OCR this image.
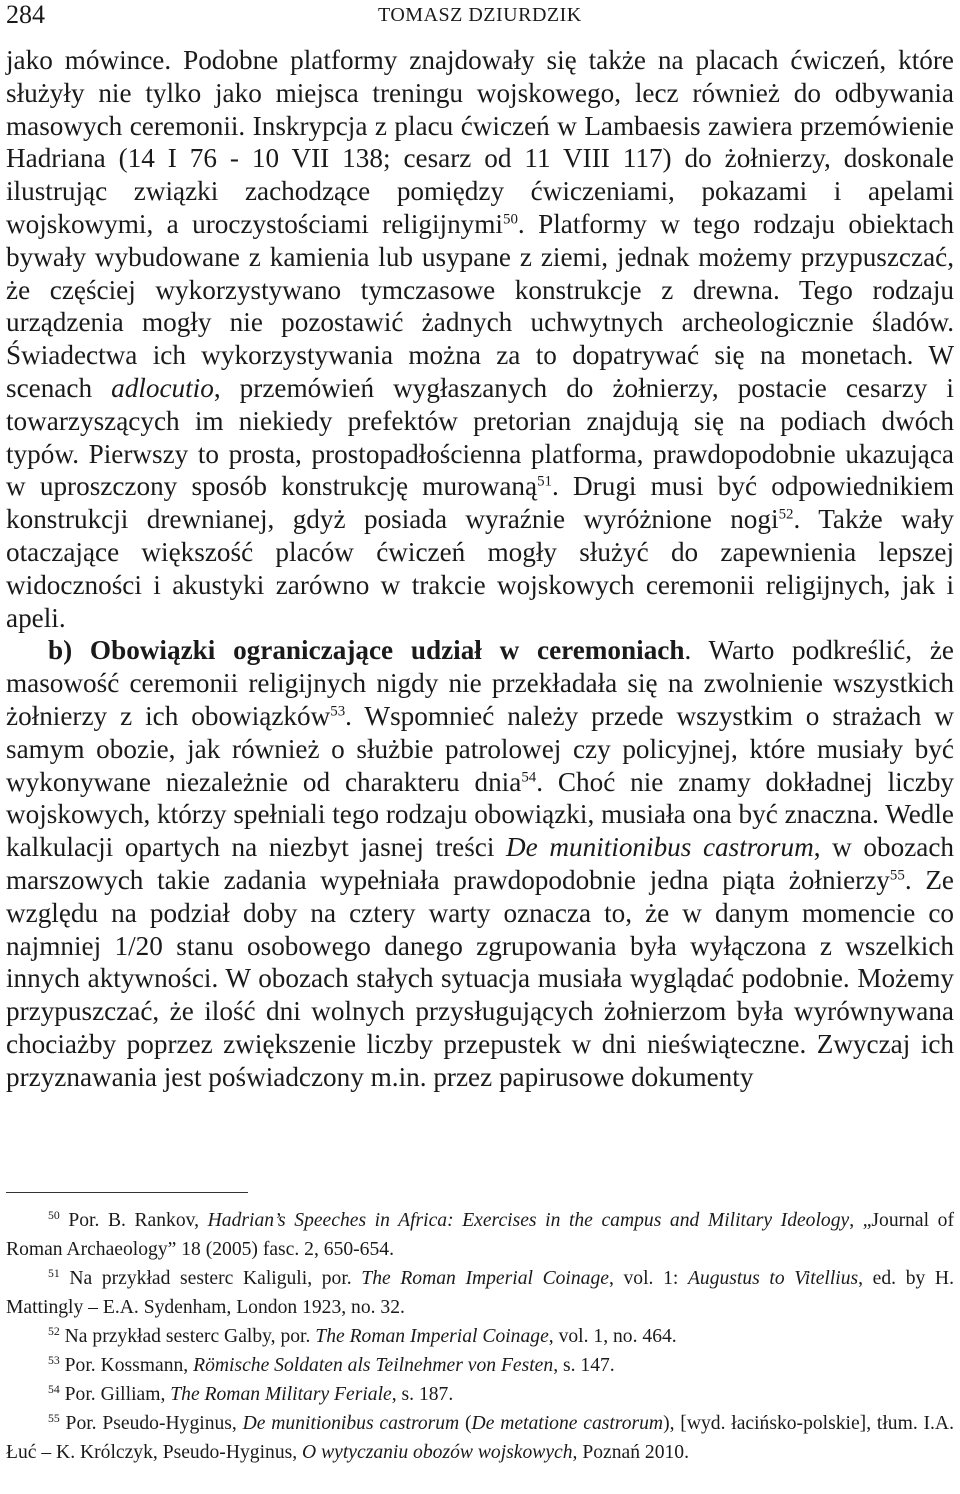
284	TOMASZ DZIURDZIK

jako mówince. Podobne platformy znajdowały się także na placach ćwiczeń, które służyły nie tylko jako miejsca treningu wojskowego, lecz również do odbywania masowych ceremonii. Inskrypcja z placu ćwiczeń w Lambaesis zawiera przemówienie Hadriana (14 I 76 - 10 VII 138; cesarz od 11 VIII 117) do żołnierzy, doskonale ilustrując związki zachodzące pomiędzy ćwiczeniami, pokazami i apelami wojskowymi, a uroczystościami religijnymi$^{50}$. Platformy w tego rodzaju obiektach bywały wybudowane z kamienia lub usypane z ziemi, jednak możemy przypuszczać, że częściej wykorzystywano tymczasowe konstrukcje z drewna. Tego rodzaju urządzenia mogły nie pozostawić żadnych uchwytnych archeologicznie śladów. Świadectwa ich wykorzystywania można za to dopatrywać się na monetach. W scenach adlocutio, przemówień wygłaszanych do żołnierzy, postacie cesarzy i towarzyszących im niekiedy prefektów pretorian znajdują się na podiach dwóch typów. Pierwszy to prosta, prostopadłościenna platforma, prawdopodobnie ukazująca w uproszczony sposób konstrukcję murowaną$^{51}$. Drugi musi być odpowiednikiem konstrukcji drewnianej, gdyż posiada wyraźnie wyróżnione nogi$^{52}$. Także wały otaczające większość placów ćwiczeń mogły służyć do zapewnienia lepszej widoczności i akustyki zarówno w trakcie wojskowych ceremonii religijnych, jak i apeli.

b) Obowiązki ograniczające udział w ceremoniach. Warto podkreślić, że masowość ceremonii religijnych nigdy nie przekładała się na zwolnienie wszystkich żołnierzy z ich obowiązków$^{53}$. Wspomnieć należy przede wszystkim o strażach w samym obozie, jak również o służbie patrolowej czy policyjnej, które musiały być wykonywane niezależnie od charakteru dnia$^{54}$. Choć nie znamy dokładnej liczby wojskowych, którzy spełniali tego rodzaju obowiązki, musiała ona być znaczna. Wedle kalkulacji opartych na niezbyt jasnej treści De munitionibus castrorum, w obozach marszowych takie zadania wypełniała prawdopodobnie jedna piąta żołnierzy$^{55}$. Ze względu na podział doby na cztery warty oznacza to, że w danym momencie co najmniej 1/20 stanu osobowego danego zgrupowania była wyłączona z wszelkich innych aktywności. W obozach stałych sytuacja musiała wyglądać podobnie. Możemy przypuszczać, że ilość dni wolnych przysługujących żołnierzom była wyrównywana chociażby poprzez zwiększenie liczby przepustek w dni nieświąteczne. Zwyczaj ich przyznawania jest poświadczony m.in. przez papirusowe dokumenty

$^{50}$ Por. B. Rankov, Hadrian’s Speeches in Africa: Exercises in the campus and Military Ideology, „Journal of Roman Archaeology” 18 (2005) fasc. 2, 650-654.

$^{51}$ Na przykład sesterc Kaliguli, por. The Roman Imperial Coinage, vol. 1: Augustus to Vitellius, ed. by H. Mattingly – E.A. Sydenham, London 1923, no. 32.

$^{52}$ Na przykład sesterc Galby, por. The Roman Imperial Coinage, vol. 1, no. 464.

$^{53}$ Por. Kossmann, Römische Soldaten als Teilnehmer von Festen, s. 147.

$^{54}$ Por. Gilliam, The Roman Military Feriale, s. 187.

$^{55}$ Por. Pseudo-Hyginus, De munitionibus castrorum (De metatione castrorum), [wyd. łacińsko-polskie], tłum. I.A. Łuć – K. Królczyk, Pseudo-Hyginus, O wytyczaniu obozów wojskowych, Poznań 2010.
